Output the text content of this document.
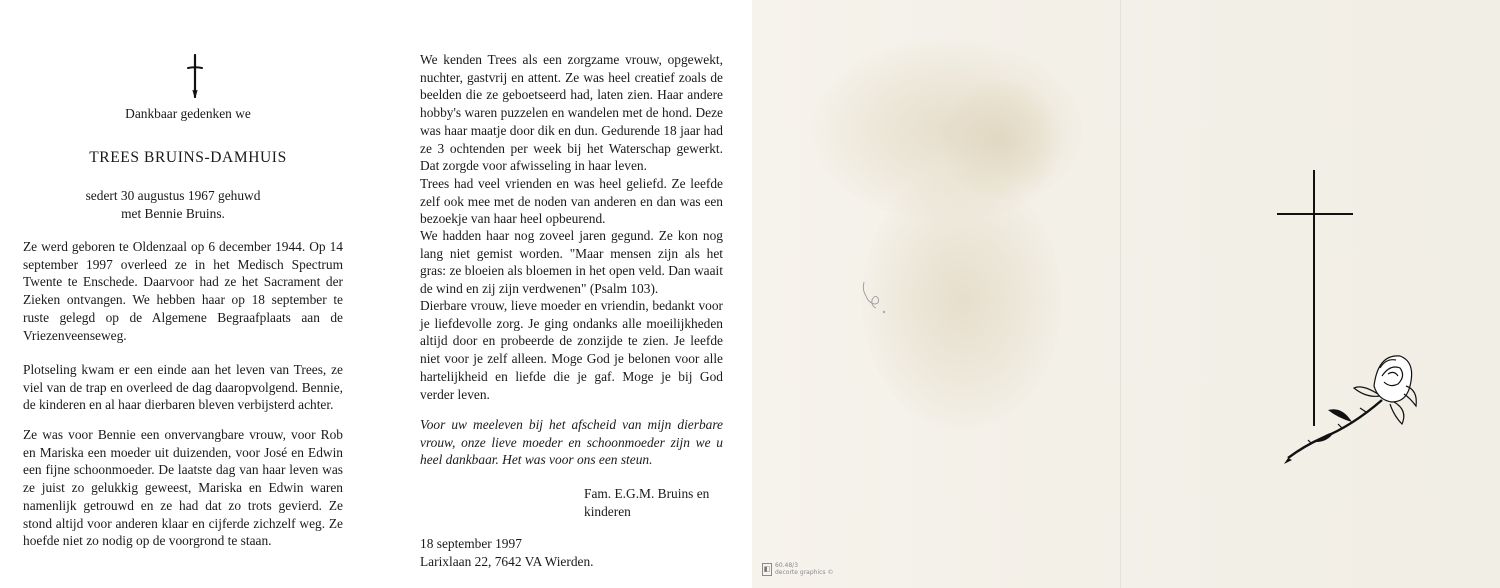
Dankbaar gedenken we
TREES BRUINS-DAMHUIS
sedert 30 augustus 1967 gehuwd
met Bennie Bruins.

Ze werd geboren te Oldenzaal op 6 december 1944. Op 14 september 1997 overleed ze in het Medisch Spectrum Twente te Enschede. Daarvoor had ze het Sacrament der Zieken ontvangen. We hebben haar op 18 september te ruste gelegd op de Algemene Begraafplaats aan de Vriezenveenseweg.

Plotseling kwam er een einde aan het leven van Trees, ze viel van de trap en overleed de dag daaropvolgend. Bennie, de kinderen en al haar dierbaren bleven verbijsterd achter.

Ze was voor Bennie een onvervangbare vrouw, voor Rob en Mariska een moeder uit duizenden, voor José en Edwin een fijne schoonmoeder. De laatste dag van haar leven was ze juist zo gelukkig geweest, Mariska en Edwin waren namenlijk getrouwd en ze had dat zo trots gevierd. Ze stond altijd voor anderen klaar en cijferde zichzelf weg. Ze hoefde niet zo nodig op de voorgrond te staan.

We kenden Trees als een zorgzame vrouw, opgewekt, nuchter, gastvrij en attent. Ze was heel creatief zoals de beelden die ze geboetseerd had, laten zien. Haar andere hobby's waren puzzelen en wandelen met de hond. Deze was haar maatje door dik en dun. Gedurende 18 jaar had ze 3 ochtenden per week bij het Waterschap gewerkt. Dat zorgde voor afwisseling in haar leven.

Trees had veel vrienden en was heel geliefd. Ze leefde zelf ook mee met de noden van anderen en dan was een bezoekje van haar heel opbeurend.

We hadden haar nog zoveel jaren gegund. Ze kon nog lang niet gemist worden. "Maar mensen zijn als het gras: ze bloeien als bloemen in het open veld. Dan waait de wind en zij zijn verdwenen" (Psalm 103).

Dierbare vrouw, lieve moeder en vriendin, bedankt voor je liefdevolle zorg. Je ging ondanks alle moeilijkheden altijd door en probeerde de zonzijde te zien. Je leefde niet voor je zelf alleen. Moge God je belonen voor alle hartelijkheid en liefde die je gaf. Moge je bij God verder leven.

Voor uw meeleven bij het afscheid van mijn dierbare vrouw, onze lieve moeder en schoonmoeder zijn we u heel dankbaar. Het was voor ons een steun.

Fam. E.G.M. Bruins en
kinderen
18 september 1997
Larixlaan 22, 7642 VA Wierden.	◧ 60.48/3
decorte graphics ©
